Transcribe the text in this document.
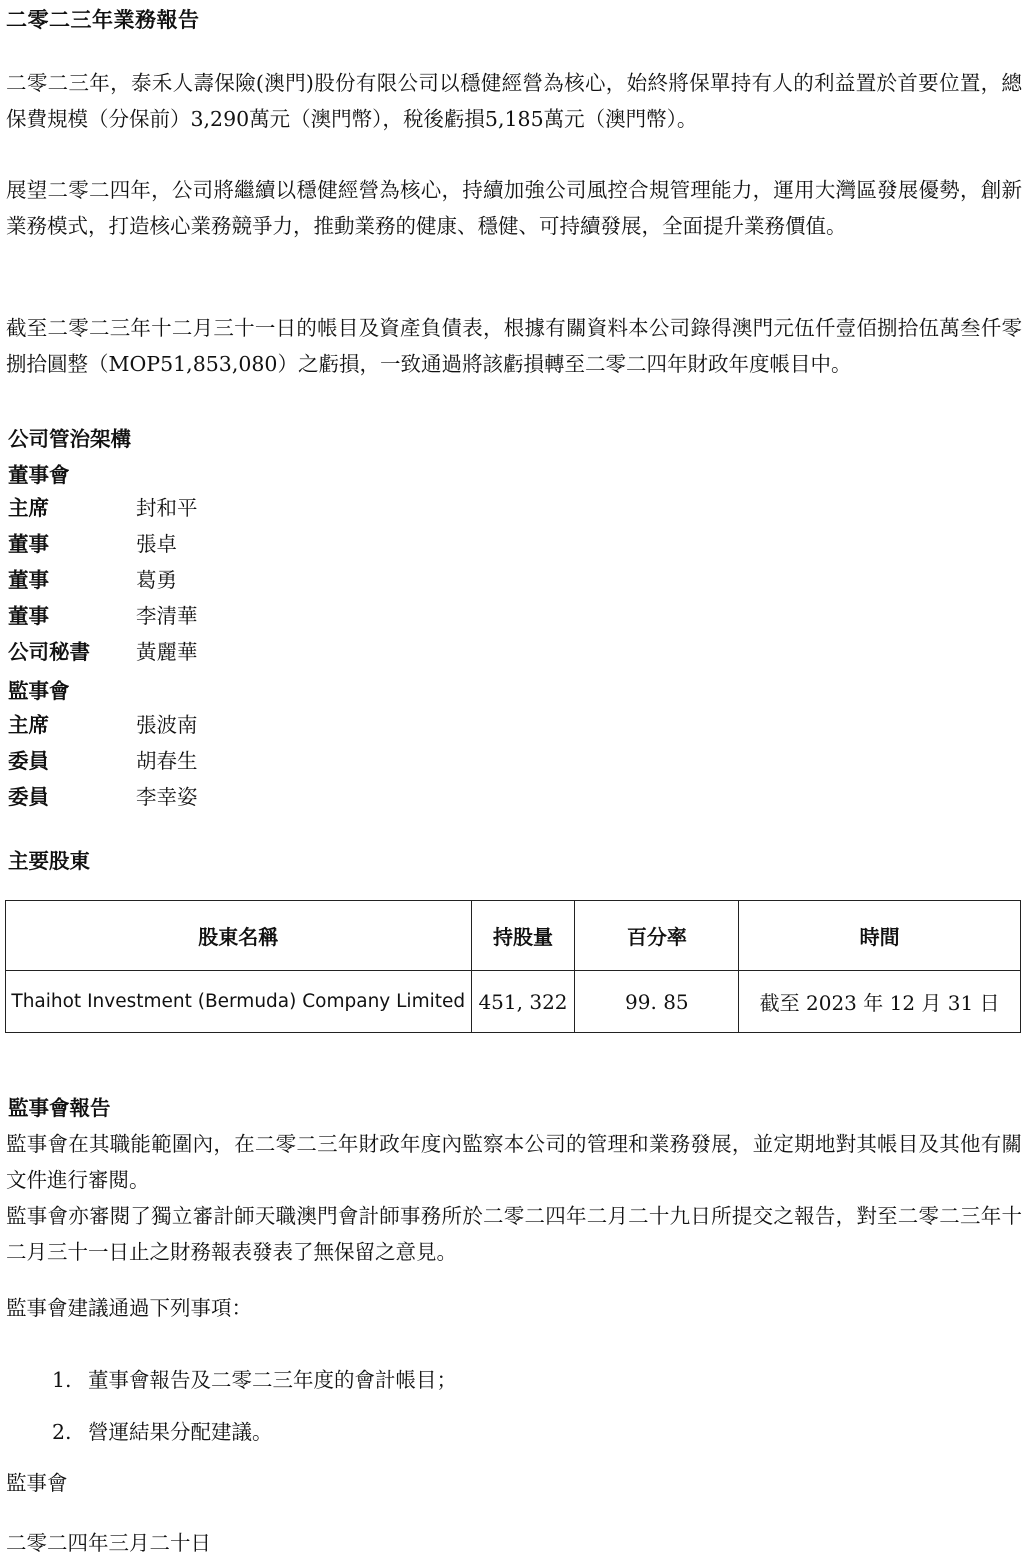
二零二三年業務報告
二零二三年，泰禾人壽保險(澳門)股份有限公司以穩健經營為核心，始終將保單持有人的利益置於首要位置，總保費規模（分保前）3,290萬元（澳門幣），稅後虧損5,185萬元（澳門幣）。
展望二零二四年，公司將繼續以穩健經營為核心，持續加強公司風控合規管理能力，運用大灣區發展優勢，創新業務模式，打造核心業務競爭力，推動業務的健康、穩健、可持續發展，全面提升業務價值。
截至二零二三年十二月三十一日的帳目及資產負債表，根據有關資料本公司錄得澳門元伍仟壹佰捌拾伍萬叁仟零捌拾圓整（MOP51,853,080）之虧損，一致通過將該虧損轉至二零二四年財政年度帳目中。
公司管治架構
董事會
主席	封和平
董事	張卓
董事	葛勇
董事	李清華
公司秘書	黃麗華
監事會
主席	張波南
委員	胡春生
委員	李幸姿
主要股東
股東名稱	持股量	百分率	時間
Thaihot Investment (Bermuda) Company Limited	451, 322	99. 85	截至 2023 年 12 月 31 日
監事會報告
監事會在其職能範圍內，在二零二三年財政年度內監察本公司的管理和業務發展，並定期地對其帳目及其他有關文件進行審閱。
監事會亦審閱了獨立審計師天職澳門會計師事務所於二零二四年二月二十九日所提交之報告，對至二零二三年十二月三十一日止之財務報表發表了無保留之意見。
監事會建議通過下列事項：
1. 董事會報告及二零二三年度的會計帳目；
2. 營運結果分配建議。
監事會
二零二四年三月二十日
